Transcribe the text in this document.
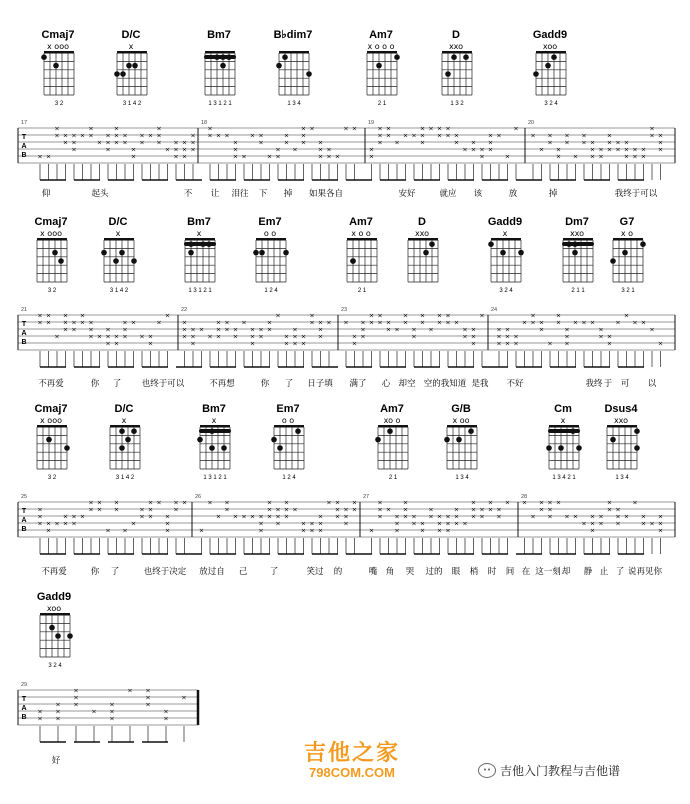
Cmaj7
x ooo
3 2
D/C
x
3 1 4 2
Bm7
1 3 1 2 1
B♭dim7
1 3 4
Am7
x o o o
2 1
D
xxo
1 3 2
Gadd9
xoo
3 2 4
T
A
B
17	18	19	20
× ×
×
× ×
×
×
×
×
×
×
×
×
×
×
×
×
×
×
×
×
×
×
×
×
×
×
×
×
×
×
×
×
×
×
×
×
×
×
×
× × ×
×
×
× ×
× ×
×
×
×
×
×
×
×
×
×
×
×
×
×
×
×
× ×
× ×
×
×
×
×
×
×
×
×
× ×
×
×
×
× ×
×
×
× ×
×
×
×
× ×
×
×
×
×
×
×
×
×
×
×
×
×
×
×
×
×
×
× ×
×
×
×
×
×
×
×
×
×
×
×
×
×
×
×
×
×
× ×
×
×
仰	起头	不 让 泪往 下 掉 如果各自	安好	就应 该	放	掉	我终于可以
Cmaj7
x ooo
3 2
D/C
x
3 1 4 2
Bm7
x
1 3 1 2 1
Em7
o o
1 2 4
Am7
x o o
2 1
D
xxo
Gadd9
x
3 2 4
Dm7
xxo
2 1 1
G7
x o
3 2 1
T
A
B
21	22	23	24
×
×
×
×
×
×
×
×
×
×
×
× ×
×
× ×
×
×
×
×
×
×
×
×
×
× ×
×
×
×
×
×
×
×
×
×
×
×
×
×
×
×
× ×
×
×
×
×
×
×
×
×
×
×
×
×
×
×
×
×
×
×
× ×
×
×
× ×
×
×
×
×
×
×
×
×
× ×
× ×
×
×
×
×
×
×
×
×
×
×
× ×
×
×
×
×
×
×
×
×
×
×
×
×
×
×
×
×
× ×
×
×
×
×
×
×
×
× × ×
×
× ×
×
×
×
× ×
×
×
不再爱	你 了 也终于可以	不再想	你 了 日子填 满了 心 却空 空的我知道 是我 不好	我终 于 可 以
Cmaj7
x ooo
3 2
D/C
x
3 1 4 2
Bm7
x
1 3 1 2 1
Em7
o o
1 2 4
Am7
xo o
2 1
G/B
x oo
1 3 4
Cm
x
1 3 4 2 1
Dsus4
xxo
1 3 4
T
A
B
25	26	27	28
×
×
× ×
×
×
×
×
×
×
×
×
×
×
×
×
×
×
×
×
×
×
×
×
×
×
×
×
×
×
×
×
×
×
×
×
×
× × × ×
×
×
×
×
×
×
×
×
×
×
×
×
×
×
×
×
×
×
×
× ×
×
×
×
×
×
×
×
×
×
×
×
×
×
×
×
×
×
× ×
× ×
×
×
× ×
×
×
×
×
×
×
×
× ×
×
×
×
×
×
×
× ×
×
× ×
×
×
×
×
×
×
×
× ×
×
×
×
×
×
×
×
× ×
×
×
×
×
×
× ×
×
×
×
不再爱	你 了	也终于决定 放过自 己	了	笑过 的	嘴 角 哭 过的 眼 梢 时 间 在 这一刻 却 静 止 了 说再见你
Gadd9
xoo
3 2 4
T
A
B
29
×
×
×
×
×
×
×
×
×
×
×
×
× ×
×
×
×
×
×
好	吉他之家
798COM.COM	•• 吉他入门教程与吉他谱
